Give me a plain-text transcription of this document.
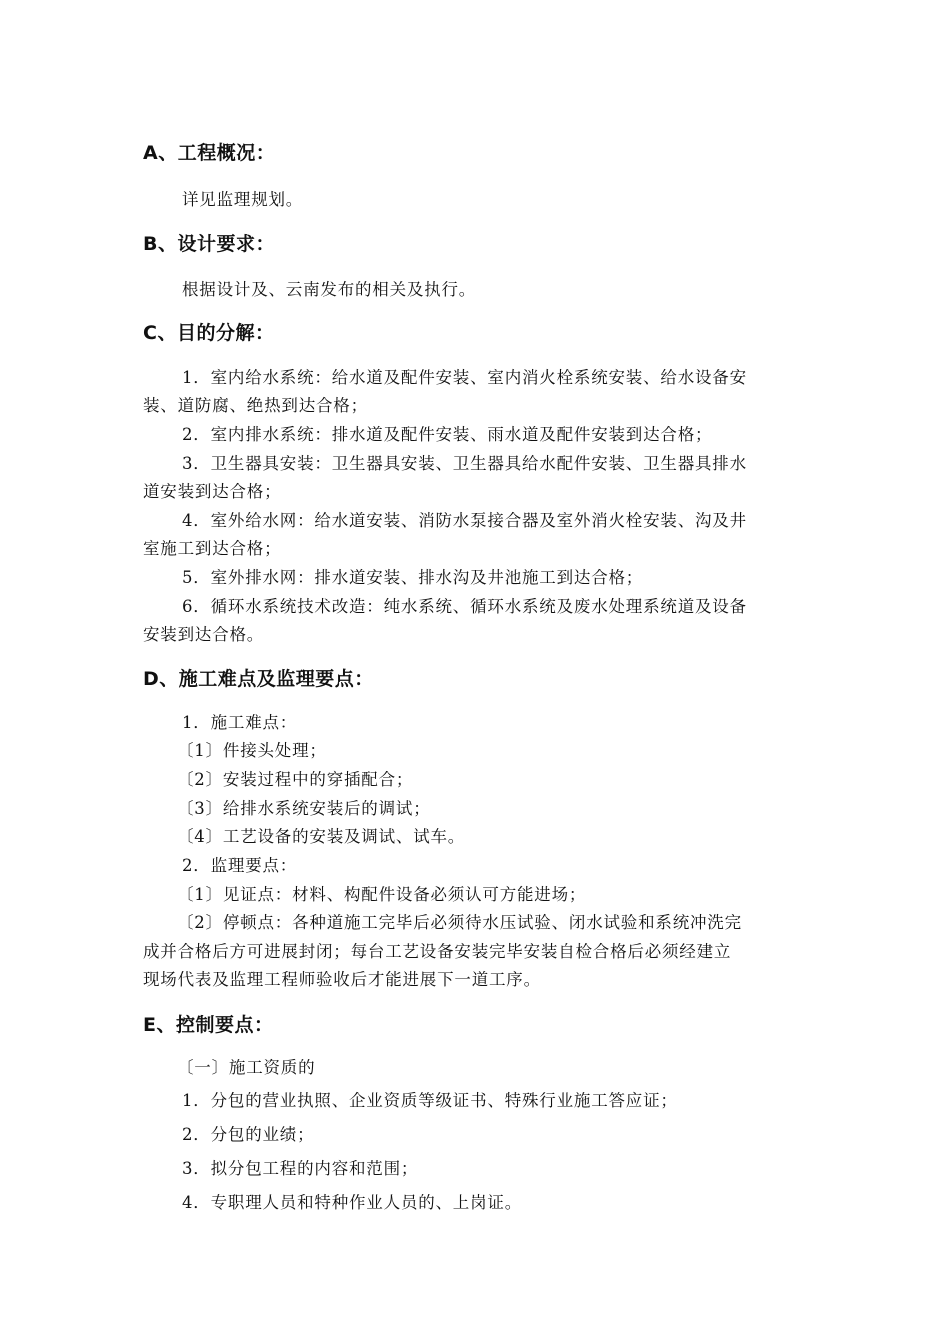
A、工程概况：
详见监理规划。
B、设计要求：
根据设计及、云南发布的相关及执行。
C、目的分解：
1．室内给水系统：给水道及配件安装、室内消火栓系统安装、给水设备安
装、道防腐、绝热到达合格；
2．室内排水系统：排水道及配件安装、雨水道及配件安装到达合格；
3．卫生器具安装：卫生器具安装、卫生器具给水配件安装、卫生器具排水
道安装到达合格；
4．室外给水网：给水道安装、消防水泵接合器及室外消火栓安装、沟及井
室施工到达合格；
5．室外排水网：排水道安装、排水沟及井池施工到达合格；
6．循环水系统技术改造：纯水系统、循环水系统及废水处理系统道及设备
安装到达合格。
D、施工难点及监理要点：
1．施工难点：
〔1〕件接头处理；
〔2〕安装过程中的穿插配合；
〔3〕给排水系统安装后的调试；
〔4〕工艺设备的安装及调试、试车。
2．监理要点：
〔1〕见证点：材料、构配件设备必须认可方能进场；
〔2〕停顿点：各种道施工完毕后必须待水压试验、闭水试验和系统冲洗完
成并合格后方可进展封闭；每台工艺设备安装完毕安装自检合格后必须经建立
现场代表及监理工程师验收后才能进展下一道工序。
E、控制要点：
〔一〕施工资质的
1．分包的营业执照、企业资质等级证书、特殊行业施工答应证；
2．分包的业绩；
3．拟分包工程的内容和范围；
4．专职理人员和特种作业人员的、上岗证。
